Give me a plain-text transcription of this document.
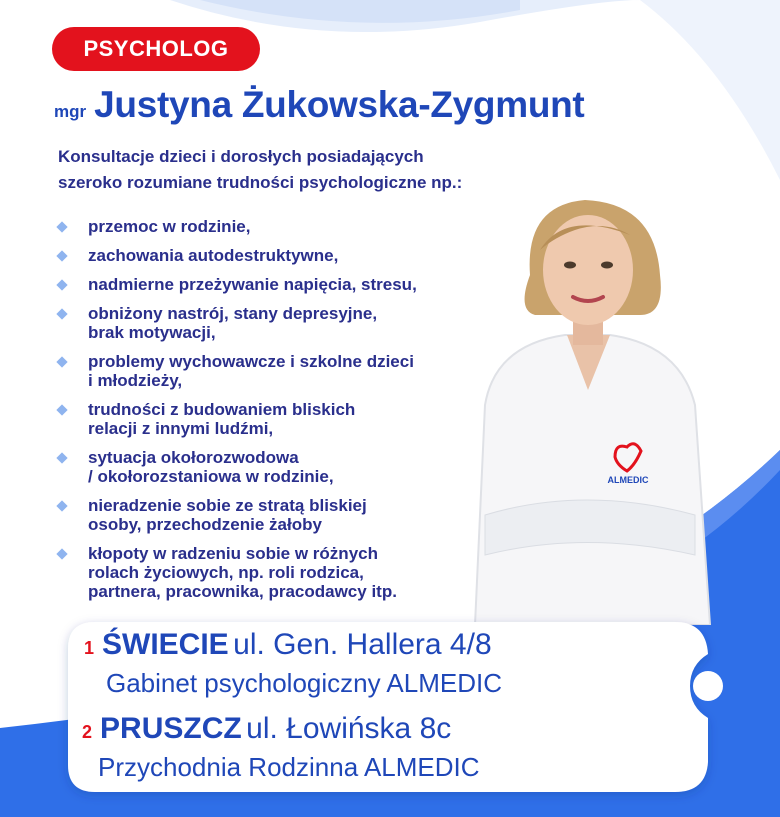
PSYCHOLOG
mgr Justyna Żukowska-Zygmunt
Konsultacje dzieci i dorosłych posiadających
szeroko rozumiane trudności psychologiczne np.:
przemoc w rodzinie,
zachowania autodestruktywne,
nadmierne przeżywanie napięcia, stresu,
obniżony nastrój, stany depresyjne,
brak motywacji,
problemy wychowawcze i szkolne dzieci
i młodzieży,
trudności z budowaniem bliskich
relacji z innymi ludźmi,
sytuacja okołorozwodowa
/ okołorozstaniowa w rodzinie,
nieradzenie sobie ze stratą bliskiej
osoby, przechodzenie żałoby
kłopoty w radzeniu sobie w różnych
rolach życiowych, np. roli rodzica,
partnera, pracownika, pracodawcy itp.
ALMEDIC
1 ŚWIECIE ul. Gen. Hallera 4/8
Gabinet psychologiczny ALMEDIC
2 PRUSZCZ ul. Łowińska 8c
Przychodnia Rodzinna ALMEDIC
